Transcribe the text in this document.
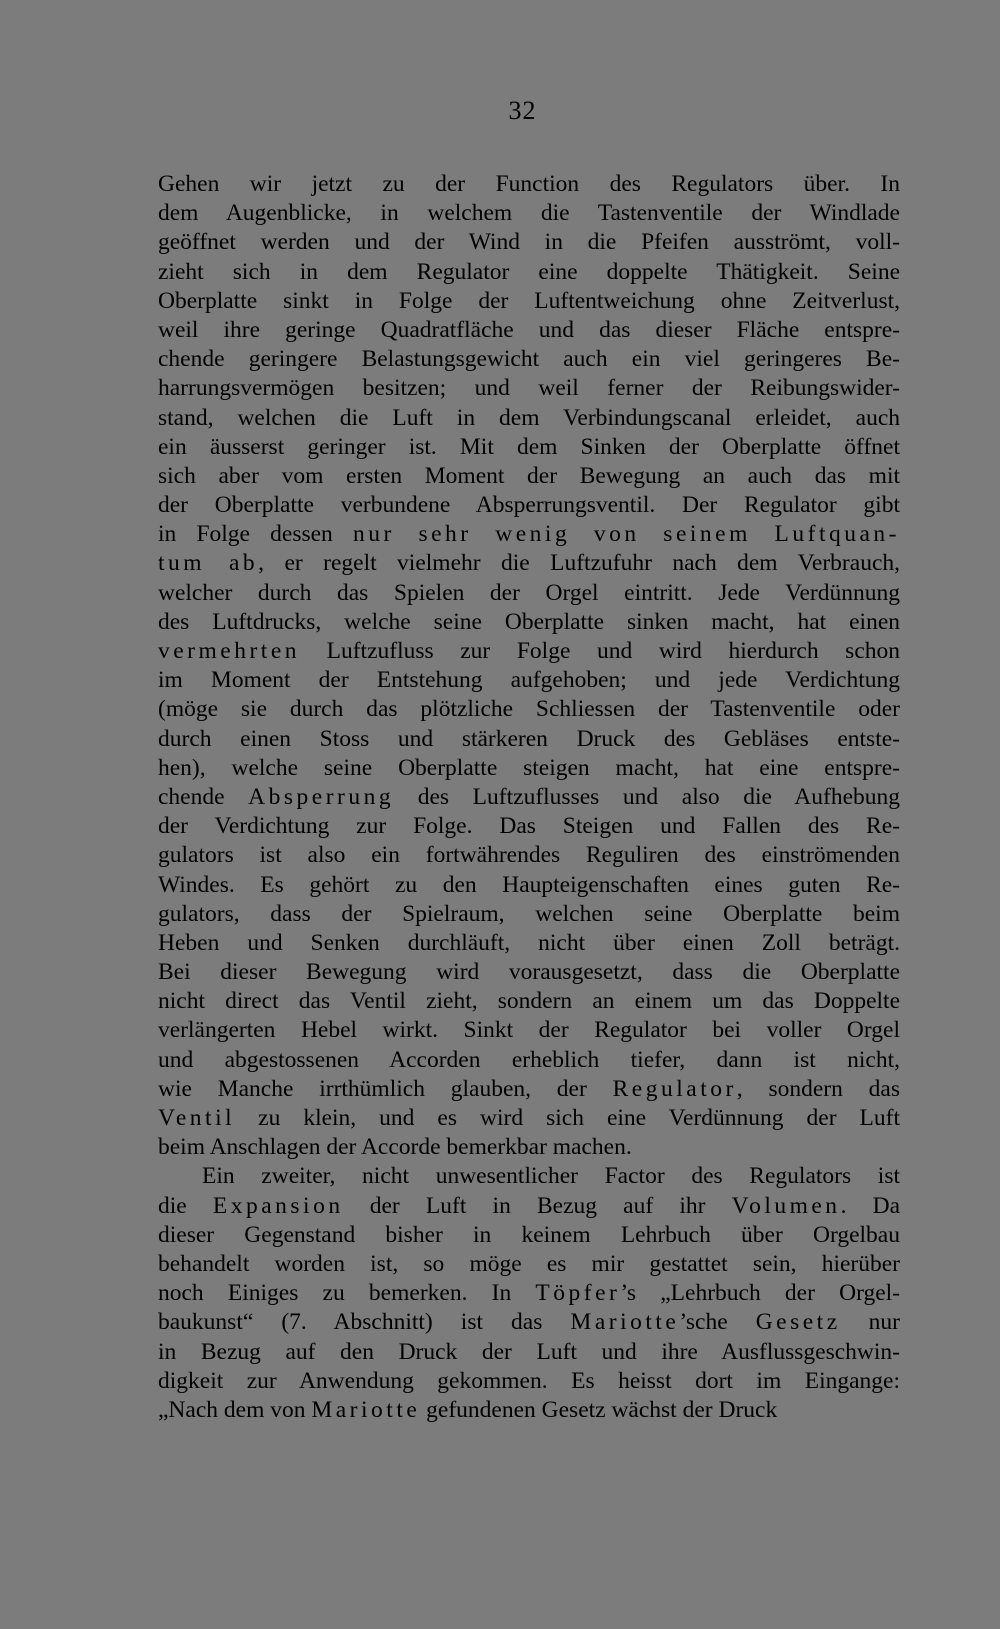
32
Gehen wir jetzt zu der Function des Regulators über. In
dem Augenblicke, in welchem die Tastenventile der Windlade
geöffnet werden und der Wind in die Pfeifen ausströmt, voll-
zieht sich in dem Regulator eine doppelte Thätigkeit. Seine
Oberplatte sinkt in Folge der Luftentweichung ohne Zeitverlust,
weil ihre geringe Quadratfläche und das dieser Fläche entspre-
chende geringere Belastungsgewicht auch ein viel geringeres Be-
harrungsvermögen besitzen; und weil ferner der Reibungswider-
stand, welchen die Luft in dem Verbindungscanal erleidet, auch
ein äusserst geringer ist. Mit dem Sinken der Oberplatte öffnet
sich aber vom ersten Moment der Bewegung an auch das mit
der Oberplatte verbundene Absperrungsventil. Der Regulator gibt
in Folge dessen nur sehr wenig von seinem Luftquan-
tum ab, er regelt vielmehr die Luftzufuhr nach dem Verbrauch,
welcher durch das Spielen der Orgel eintritt. Jede Verdünnung
des Luftdrucks, welche seine Oberplatte sinken macht, hat einen
vermehrten Luftzufluss zur Folge und wird hierdurch schon
im Moment der Entstehung aufgehoben; und jede Verdichtung
(möge sie durch das plötzliche Schliessen der Tastenventile oder
durch einen Stoss und stärkeren Druck des Gebläses entste-
hen), welche seine Oberplatte steigen macht, hat eine entspre-
chende Absperrung des Luftzuflusses und also die Aufhebung
der Verdichtung zur Folge. Das Steigen und Fallen des Re-
gulators ist also ein fortwährendes Reguliren des einströmenden
Windes. Es gehört zu den Haupteigenschaften eines guten Re-
gulators, dass der Spielraum, welchen seine Oberplatte beim
Heben und Senken durchläuft, nicht über einen Zoll beträgt.
Bei dieser Bewegung wird vorausgesetzt, dass die Oberplatte
nicht direct das Ventil zieht, sondern an einem um das Doppelte
verlängerten Hebel wirkt. Sinkt der Regulator bei voller Orgel
und abgestossenen Accorden erheblich tiefer, dann ist nicht,
wie Manche irrthümlich glauben, der Regulator, sondern das
Ventil zu klein, und es wird sich eine Verdünnung der Luft
beim Anschlagen der Accorde bemerkbar machen.
Ein zweiter, nicht unwesentlicher Factor des Regulators ist
die Expansion der Luft in Bezug auf ihr Volumen. Da
dieser Gegenstand bisher in keinem Lehrbuch über Orgelbau
behandelt worden ist, so möge es mir gestattet sein, hierüber
noch Einiges zu bemerken. In Töpfer’s „Lehrbuch der Orgel-
baukunst“ (7. Abschnitt) ist das Mariotte’sche Gesetz nur
in Bezug auf den Druck der Luft und ihre Ausflussgeschwin-
digkeit zur Anwendung gekommen. Es heisst dort im Eingange:
„Nach dem von Mariotte gefundenen Gesetz wächst der Druck
